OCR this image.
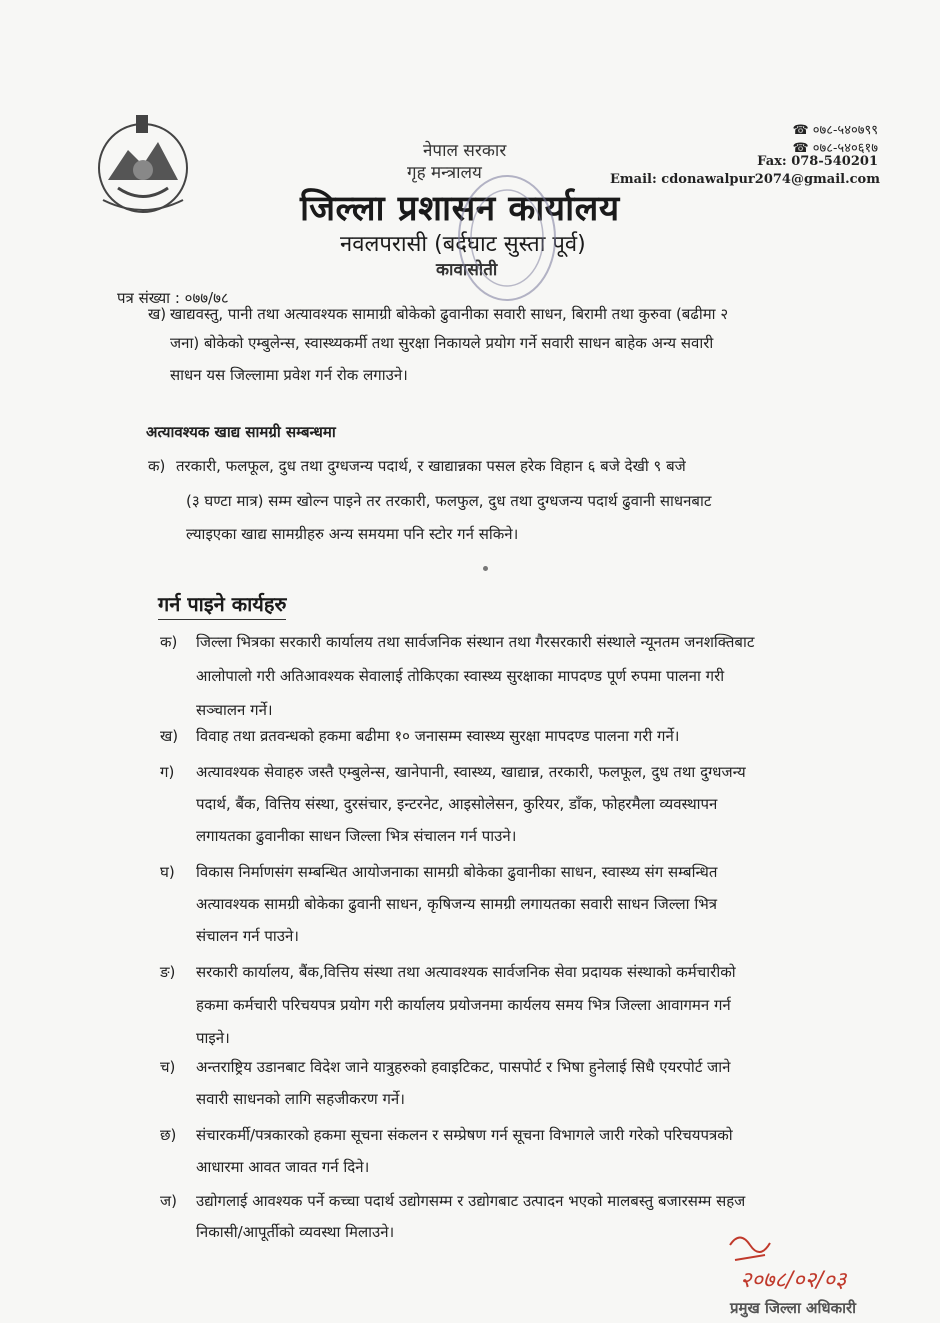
नेपाल सरकार
गृह मन्त्रालय
जिल्ला प्रशासन कार्यालय
नवलपरासी (बर्दघाट सुस्ता पूर्व)
कावासोती
☎ ०७८-५४०७९९
☎ ०७८-५४०६१७
Fax: 078-540201
Email: cdonawalpur2074@gmail.com
पत्र संख्या : ०७७/७८
ख) खाद्यवस्तु, पानी तथा अत्यावश्यक सामाग्री बोकेको ढुवानीका सवारी साधन, बिरामी तथा कुरुवा (बढीमा २
जना) बोकेको एम्बुलेन्स, स्वास्थ्यकर्मी तथा सुरक्षा निकायले प्रयोग गर्ने सवारी साधन बाहेक अन्य सवारी
साधन यस जिल्लामा प्रवेश गर्न रोक लगाउने।
अत्यावश्यक खाद्य सामग्री सम्बन्धमा
क) तरकारी, फलफूल, दुध तथा दुग्धजन्य पदार्थ, र खाद्यान्नका पसल हरेक विहान ६ बजे देखी ९ बजे
(३ घण्टा मात्र) सम्म खोल्न पाइने तर तरकारी, फलफुल, दुध तथा दुग्धजन्य पदार्थ ढुवानी साधनबाट
ल्याइएका खाद्य सामग्रीहरु अन्य समयमा पनि स्टोर गर्न सकिने।
गर्न पाइने कार्यहरु
क) जिल्ला भित्रका सरकारी कार्यालय तथा सार्वजनिक संस्थान तथा गैरसरकारी संस्थाले न्यूनतम जनशक्तिबाट
आलोपालो गरी अतिआवश्यक सेवालाई तोकिएका स्वास्थ्य सुरक्षाका मापदण्ड पूर्ण रुपमा पालना गरी
सञ्चालन गर्ने।
ख) विवाह तथा व्रतवन्धको हकमा बढीमा १० जनासम्म स्वास्थ्य सुरक्षा मापदण्ड पालना गरी गर्ने।
ग) अत्यावश्यक सेवाहरु जस्तै एम्बुलेन्स, खानेपानी, स्वास्थ्य, खाद्यान्न, तरकारी, फलफूल, दुध तथा दुग्धजन्य
पदार्थ, बैंक, वित्तिय संस्था, दुरसंचार, इन्टरनेट, आइसोलेसन, कुरियर, डाँक, फोहरमैला व्यवस्थापन
लगायतका ढुवानीका साधन जिल्ला भित्र संचालन गर्न पाउने।
घ) विकास निर्माणसंग सम्बन्धित आयोजनाका सामग्री बोकेका ढुवानीका साधन, स्वास्थ्य संग सम्बन्धित
अत्यावश्यक सामग्री बोकेका ढुवानी साधन, कृषिजन्य सामग्री लगायतका सवारी साधन जिल्ला भित्र
संचालन गर्न पाउने।
ङ) सरकारी कार्यालय, बैंक,वित्तिय संस्था तथा अत्यावश्यक सार्वजनिक सेवा प्रदायक संस्थाको कर्मचारीको
हकमा कर्मचारी परिचयपत्र प्रयोग गरी कार्यालय प्रयोजनमा कार्यलय समय भित्र जिल्ला आवागमन गर्न
पाइने।
च) अन्तराष्ट्रिय उडानबाट विदेश जाने यात्रुहरुको हवाइटिकट, पासपोर्ट र भिषा हुनेलाई सिधै एयरपोर्ट जाने
सवारी साधनको लागि सहजीकरण गर्ने।
छ) संचारकर्मी/पत्रकारको हकमा सूचना संकलन र सम्प्रेषण गर्न सूचना विभागले जारी गरेको परिचयपत्रको
आधारमा आवत जावत गर्न दिने।
ज) उद्योगलाई आवश्यक पर्ने कच्चा पदार्थ उद्योगसम्म र उद्योगबाट उत्पादन भएको मालबस्तु बजारसम्म सहज
निकासी/आपूर्तीको व्यवस्था मिलाउने।
२०७८/०२/०३
प्रमुख जिल्ला अधिकारी
